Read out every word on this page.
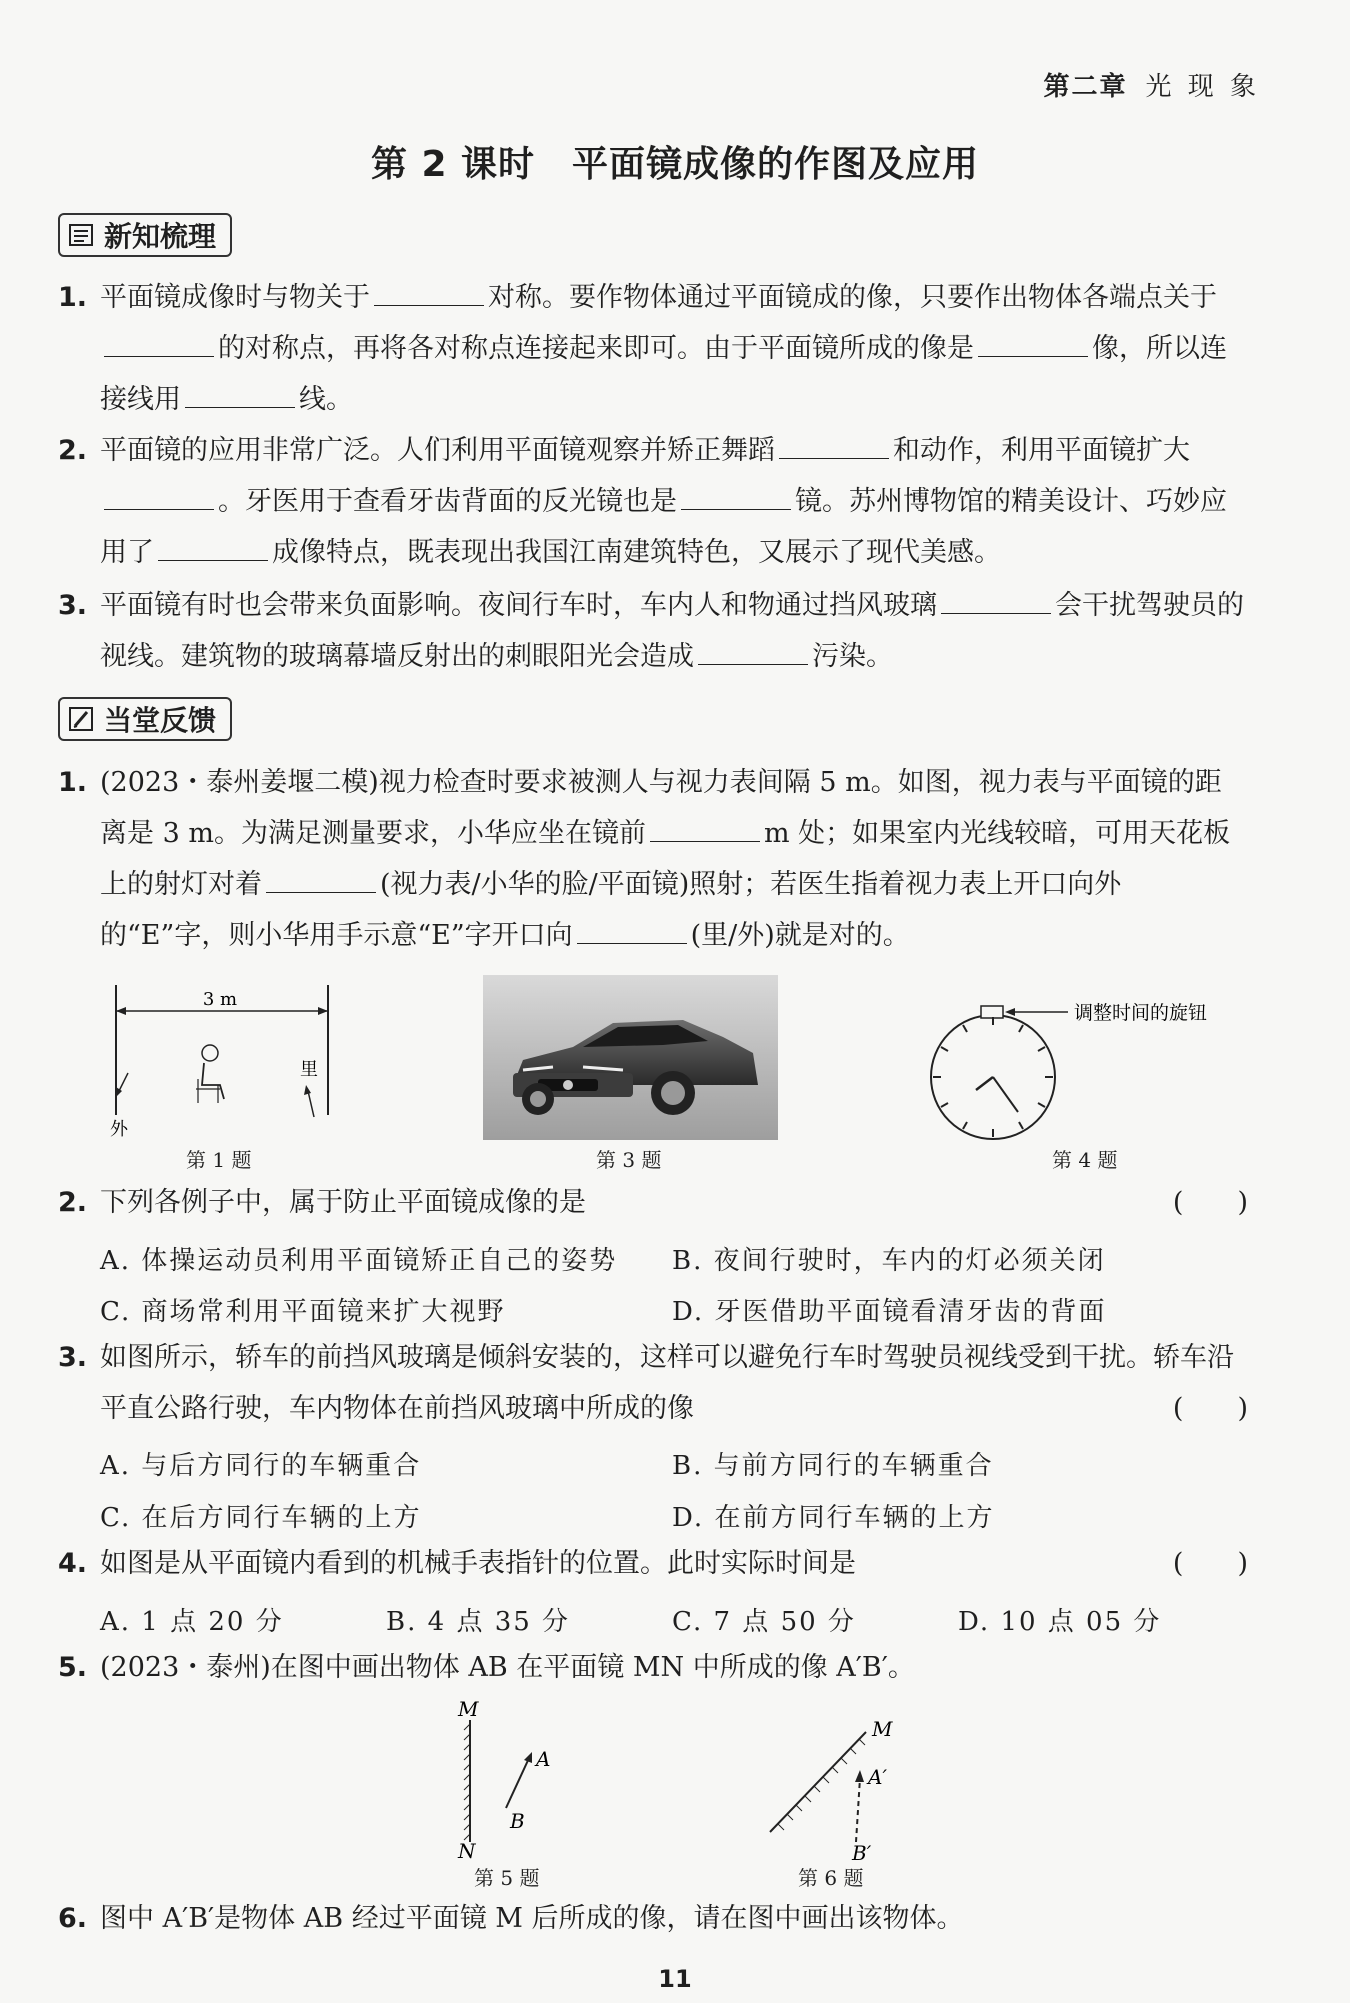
第二章 光 现 象
第 2 课时　平面镜成像的作图及应用
新知梳理
1. 平面镜成像时与物关于	对称。要作物体通过平面镜成的像，只要作出物体各端点关于的对称点，再将各对称点连接起来即可。由于平面镜所成的像是	像，所以连接线用	线。
2. 平面镜的应用非常广泛。人们利用平面镜观察并矫正舞蹈	和动作，利用平面镜扩大。牙医用于查看牙齿背面的反光镜也是	镜。苏州博物馆的精美设计、巧妙应用了	成像特点，既表现出我国江南建筑特色，又展示了现代美感。
3. 平面镜有时也会带来负面影响。夜间行车时，车内人和物通过挡风玻璃	会干扰驾驶员的视线。建筑物的玻璃幕墙反射出的刺眼阳光会造成	污染。
当堂反馈
1. (2023・泰州姜堰二模)视力检查时要求被测人与视力表间隔 5 m。如图，视力表与平面镜的距离是 3 m。为满足测量要求，小华应坐在镜前	m 处；如果室内光线较暗，可用天花板上的射灯对着	(视力表/小华的脸/平面镜)照射；若医生指着视力表上开口向外的“E”字，则小华用手示意“E”字开口向	(里/外)就是对的。
3 m
外
里
第 1 题	第 3 题
调整时间的旋钮
第 4 题
2. 下列各例子中，属于防止平面镜成像的是	(　　)
A. 体操运动员利用平面镜矫正自己的姿势 B. 夜间行驶时，车内的灯必须关闭
C. 商场常利用平面镜来扩大视野	D. 牙医借助平面镜看清牙齿的背面
3. 如图所示，轿车的前挡风玻璃是倾斜安装的，这样可以避免行车时驾驶员视线受到干扰。轿车沿平直公路行驶，车内物体在前挡风玻璃中所成的像	(　　)
A. 与后方同行的车辆重合	B. 与前方同行的车辆重合
C. 在后方同行车辆的上方	D. 在前方同行车辆的上方
4. 如图是从平面镜内看到的机械手表指针的位置。此时实际时间是	(　　)
A. 1 点 20 分	B. 4 点 35 分	C. 7 点 50 分	D. 10 点 05 分
5. (2023・泰州)在图中画出物体 AB 在平面镜 MN 中所成的像 A′B′。
M
N
A
B
第 5 题
M
A′
B′
第 6 题
6. 图中 A′B′是物体 AB 经过平面镜 M 后所成的像，请在图中画出该物体。
11
